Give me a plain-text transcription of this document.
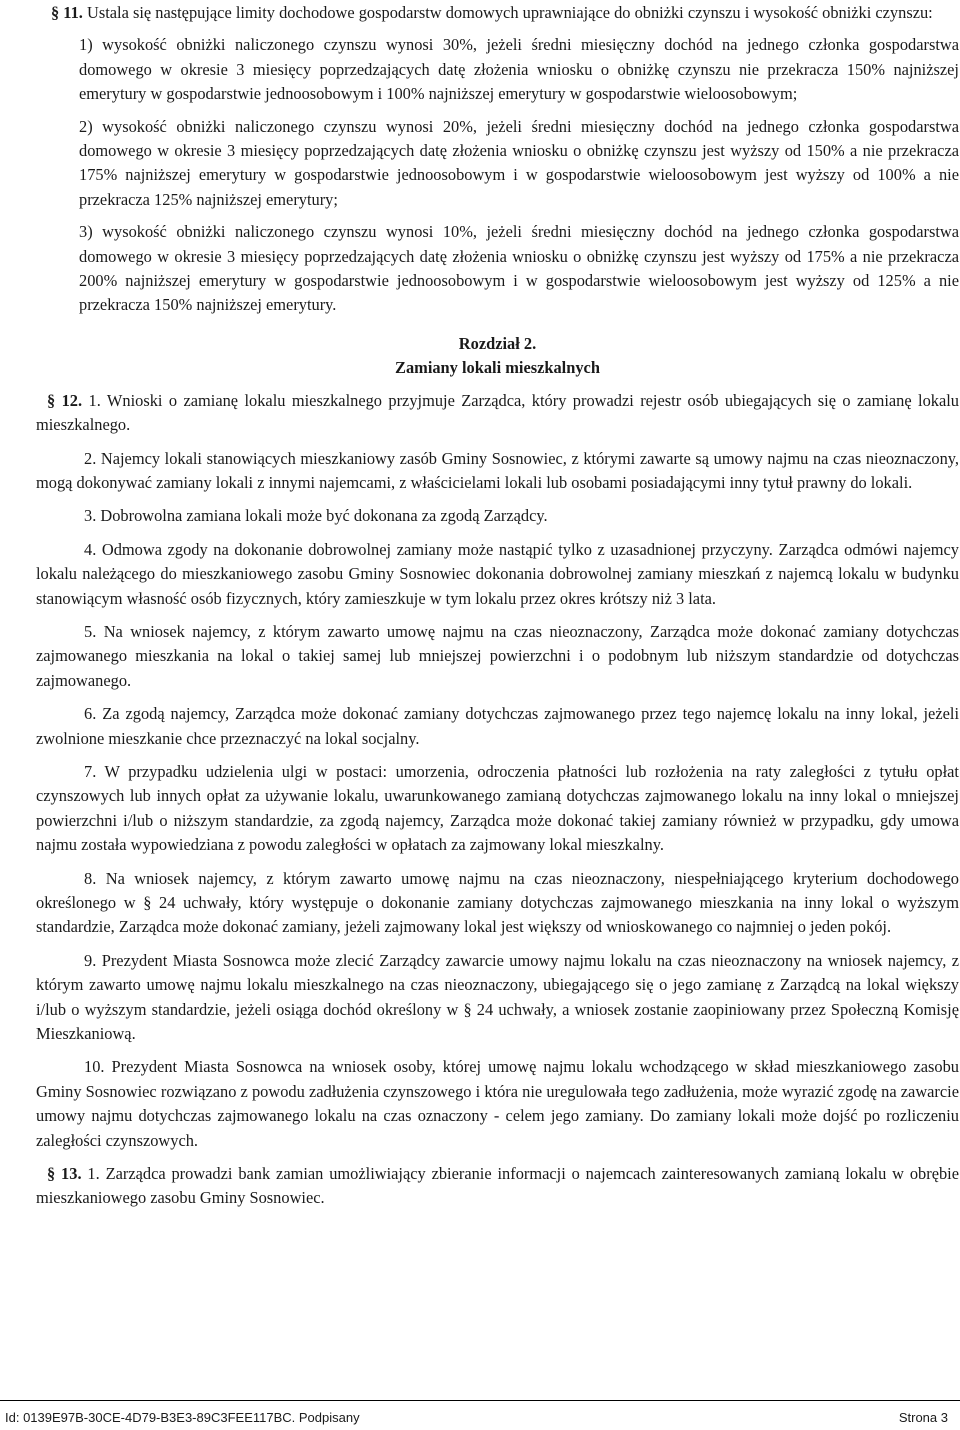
§ 11. Ustala się następujące limity dochodowe gospodarstw domowych uprawniające do obniżki czynszu i wysokość obniżki czynszu:

1) wysokość obniżki naliczonego czynszu wynosi 30%, jeżeli średni miesięczny dochód na jednego członka gospodarstwa domowego w okresie 3 miesięcy poprzedzających datę złożenia wniosku o obniżkę czynszu nie przekracza 150% najniższej emerytury w gospodarstwie jednoosobowym i 100% najniższej emerytury w gospodarstwie wieloosobowym;

2) wysokość obniżki naliczonego czynszu wynosi 20%, jeżeli średni miesięczny dochód na jednego członka gospodarstwa domowego w okresie 3 miesięcy poprzedzających datę złożenia wniosku o obniżkę czynszu jest wyższy od 150% a nie przekracza 175% najniższej emerytury w gospodarstwie jednoosobowym i w gospodarstwie wieloosobowym jest wyższy od 100% a nie przekracza 125% najniższej emerytury;

3) wysokość obniżki naliczonego czynszu wynosi 10%, jeżeli średni miesięczny dochód na jednego członka gospodarstwa domowego w okresie 3 miesięcy poprzedzających datę złożenia wniosku o obniżkę czynszu jest wyższy od 175% a nie przekracza 200% najniższej emerytury w gospodarstwie jednoosobowym i w gospodarstwie wieloosobowym jest wyższy od 125% a nie przekracza 150% najniższej emerytury.

Rozdział 2.
Zamiany lokali mieszkalnych

§ 12. 1. Wnioski o zamianę lokalu mieszkalnego przyjmuje Zarządca, który prowadzi rejestr osób ubiegających się o zamianę lokalu mieszkalnego.

2. Najemcy lokali stanowiących mieszkaniowy zasób Gminy Sosnowiec, z którymi zawarte są umowy najmu na czas nieoznaczony, mogą dokonywać zamiany lokali z innymi najemcami, z właścicielami lokali lub osobami posiadającymi inny tytuł prawny do lokali.

3. Dobrowolna zamiana lokali może być dokonana za zgodą Zarządcy.

4. Odmowa zgody na dokonanie dobrowolnej zamiany może nastąpić tylko z uzasadnionej przyczyny. Zarządca odmówi najemcy lokalu należącego do mieszkaniowego zasobu Gminy Sosnowiec dokonania dobrowolnej zamiany mieszkań z najemcą lokalu w budynku stanowiącym własność osób fizycznych, który zamieszkuje w tym lokalu przez okres krótszy niż 3 lata.

5. Na wniosek najemcy, z którym zawarto umowę najmu na czas nieoznaczony, Zarządca może dokonać zamiany dotychczas zajmowanego mieszkania na lokal o takiej samej lub mniejszej powierzchni i o podobnym lub niższym standardzie od dotychczas zajmowanego.

6. Za zgodą najemcy, Zarządca może dokonać zamiany dotychczas zajmowanego przez tego najemcę lokalu na inny lokal, jeżeli zwolnione mieszkanie chce przeznaczyć na lokal socjalny.

7. W przypadku udzielenia ulgi w postaci: umorzenia, odroczenia płatności lub rozłożenia na raty zaległości z tytułu opłat czynszowych lub innych opłat za używanie lokalu, uwarunkowanego zamianą dotychczas zajmowanego lokalu na inny lokal o mniejszej powierzchni i/lub o niższym standardzie, za zgodą najemcy, Zarządca może dokonać takiej zamiany również w przypadku, gdy umowa najmu została wypowiedziana z powodu zaległości w opłatach za zajmowany lokal mieszkalny.

8. Na wniosek najemcy, z którym zawarto umowę najmu na czas nieoznaczony, niespełniającego kryterium dochodowego określonego w § 24 uchwały, który występuje o dokonanie zamiany dotychczas zajmowanego mieszkania na inny lokal o wyższym standardzie, Zarządca może dokonać zamiany, jeżeli zajmowany lokal jest większy od wnioskowanego co najmniej o jeden pokój.

9. Prezydent Miasta Sosnowca może zlecić Zarządcy zawarcie umowy najmu lokalu na czas nieoznaczony na wniosek najemcy, z którym zawarto umowę najmu lokalu mieszkalnego na czas nieoznaczony, ubiegającego się o jego zamianę z Zarządcą na lokal większy i/lub o wyższym standardzie, jeżeli osiąga dochód określony w § 24 uchwały, a wniosek zostanie zaopiniowany przez Społeczną Komisję Mieszkaniową.

10. Prezydent Miasta Sosnowca na wniosek osoby, której umowę najmu lokalu wchodzącego w skład mieszkaniowego zasobu Gminy Sosnowiec rozwiązano z powodu zadłużenia czynszowego i która nie uregulowała tego zadłużenia, może wyrazić zgodę na zawarcie umowy najmu dotychczas zajmowanego lokalu na czas oznaczony - celem jego zamiany. Do zamiany lokali może dojść po rozliczeniu zaległości czynszowych.

§ 13. 1. Zarządca prowadzi bank zamian umożliwiający zbieranie informacji o najemcach zainteresowanych zamianą lokalu w obrębie mieszkaniowego zasobu Gminy Sosnowiec.

Id: 0139E97B-30CE-4D79-B3E3-89C3FEE117BC. Podpisany	Strona 3
